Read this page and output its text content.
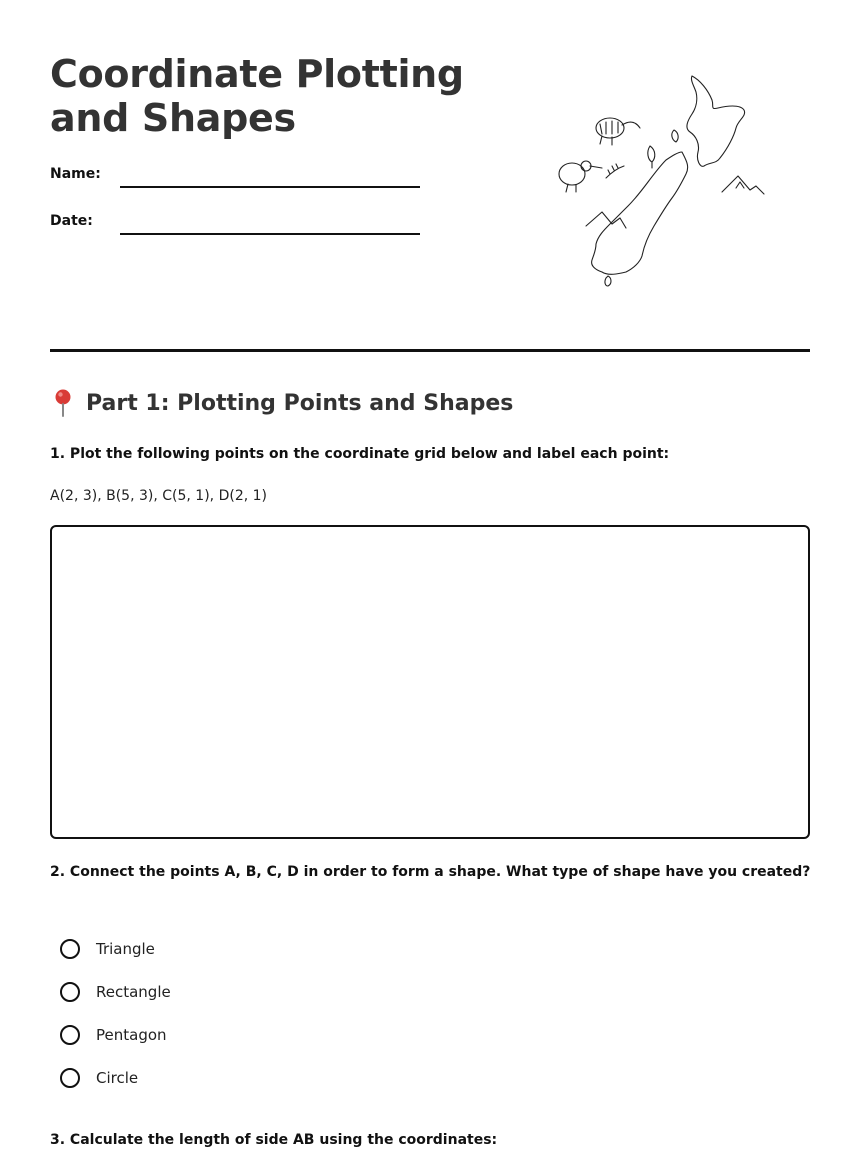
Coordinate Plotting and Shapes
Name:
Date:
Part 1: Plotting Points and Shapes
1. Plot the following points on the coordinate grid below and label each point:
A(2, 3), B(5, 3), C(5, 1), D(2, 1)
2. Connect the points A, B, C, D in order to form a shape. What type of shape have you created?
Triangle
Rectangle
Pentagon
Circle
3. Calculate the length of side AB using the coordinates:
